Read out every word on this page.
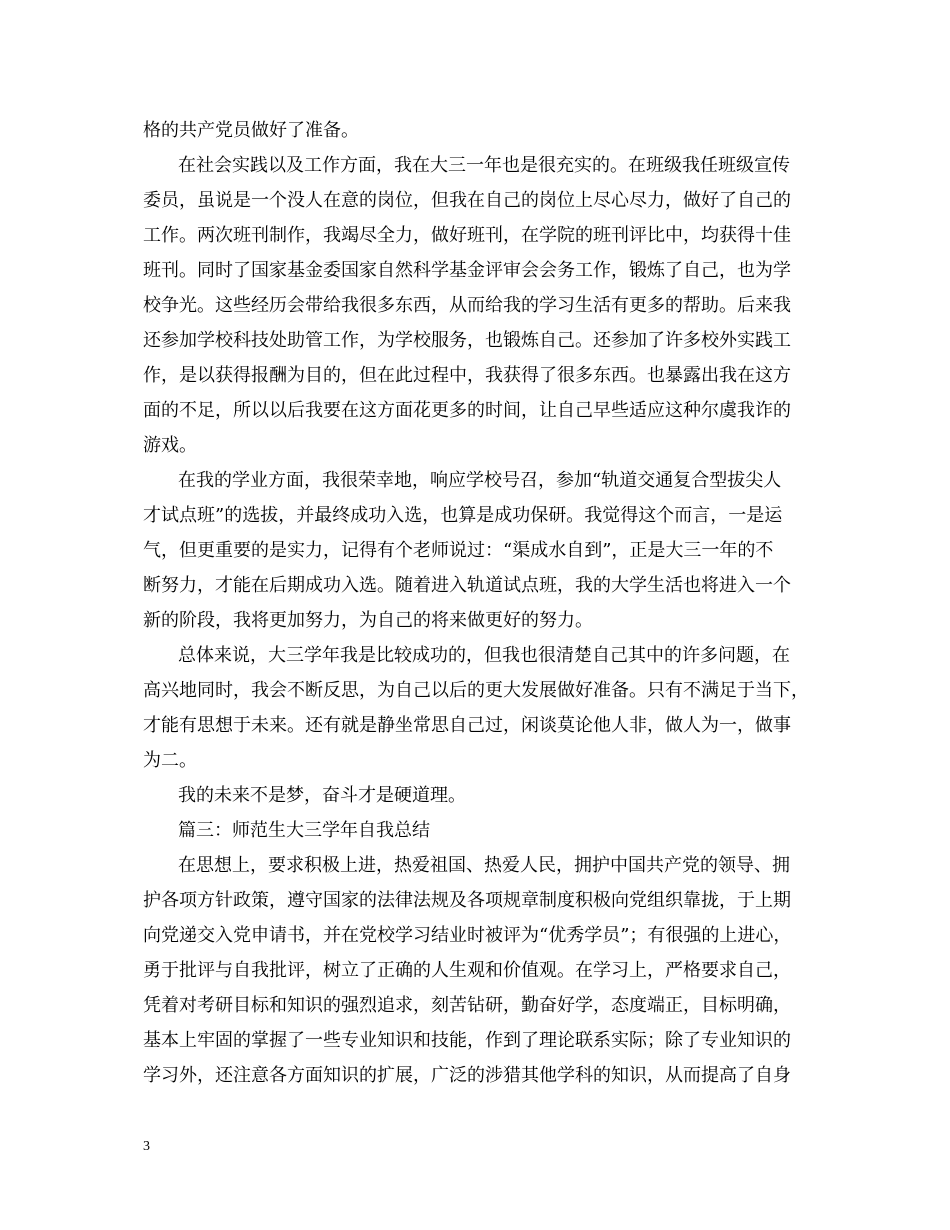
格的共产党员做好了准备。
在社会实践以及工作方面，我在大三一年也是很充实的。在班级我任班级宣传
委员，虽说是一个没人在意的岗位，但我在自己的岗位上尽心尽力，做好了自己的
工作。两次班刊制作，我竭尽全力，做好班刊，在学院的班刊评比中，均获得十佳
班刊。同时了国家基金委国家自然科学基金评审会会务工作，锻炼了自己，也为学
校争光。这些经历会带给我很多东西，从而给我的学习生活有更多的帮助。后来我
还参加学校科技处助管工作，为学校服务，也锻炼自己。还参加了许多校外实践工
作，是以获得报酬为目的，但在此过程中，我获得了很多东西。也暴露出我在这方
面的不足，所以以后我要在这方面花更多的时间，让自己早些适应这种尔虞我诈的
游戏。
在我的学业方面，我很荣幸地，响应学校号召，参加“轨道交通复合型拔尖人
才试点班”的选拔，并最终成功入选，也算是成功保研。我觉得这个而言，一是运
气，但更重要的是实力，记得有个老师说过：“渠成水自到”，正是大三一年的不
断努力，才能在后期成功入选。随着进入轨道试点班，我的大学生活也将进入一个
新的阶段，我将更加努力，为自己的将来做更好的努力。
总体来说，大三学年我是比较成功的，但我也很清楚自己其中的许多问题，在
高兴地同时，我会不断反思，为自己以后的更大发展做好准备。只有不满足于当下，
才能有思想于未来。还有就是静坐常思自己过，闲谈莫论他人非，做人为一，做事
为二。
我的未来不是梦，奋斗才是硬道理。
篇三：师范生大三学年自我总结
在思想上，要求积极上进，热爱祖国、热爱人民，拥护中国共产党的领导、拥
护各项方针政策，遵守国家的法律法规及各项规章制度积极向党组织靠拢，于上期
向党递交入党申请书，并在党校学习结业时被评为“优秀学员”；有很强的上进心，
勇于批评与自我批评，树立了正确的人生观和价值观。在学习上，严格要求自己，
凭着对考研目标和知识的强烈追求，刻苦钻研，勤奋好学，态度端正，目标明确，
基本上牢固的掌握了一些专业知识和技能，作到了理论联系实际；除了专业知识的
学习外，还注意各方面知识的扩展，广泛的涉猎其他学科的知识，从而提高了自身
3
